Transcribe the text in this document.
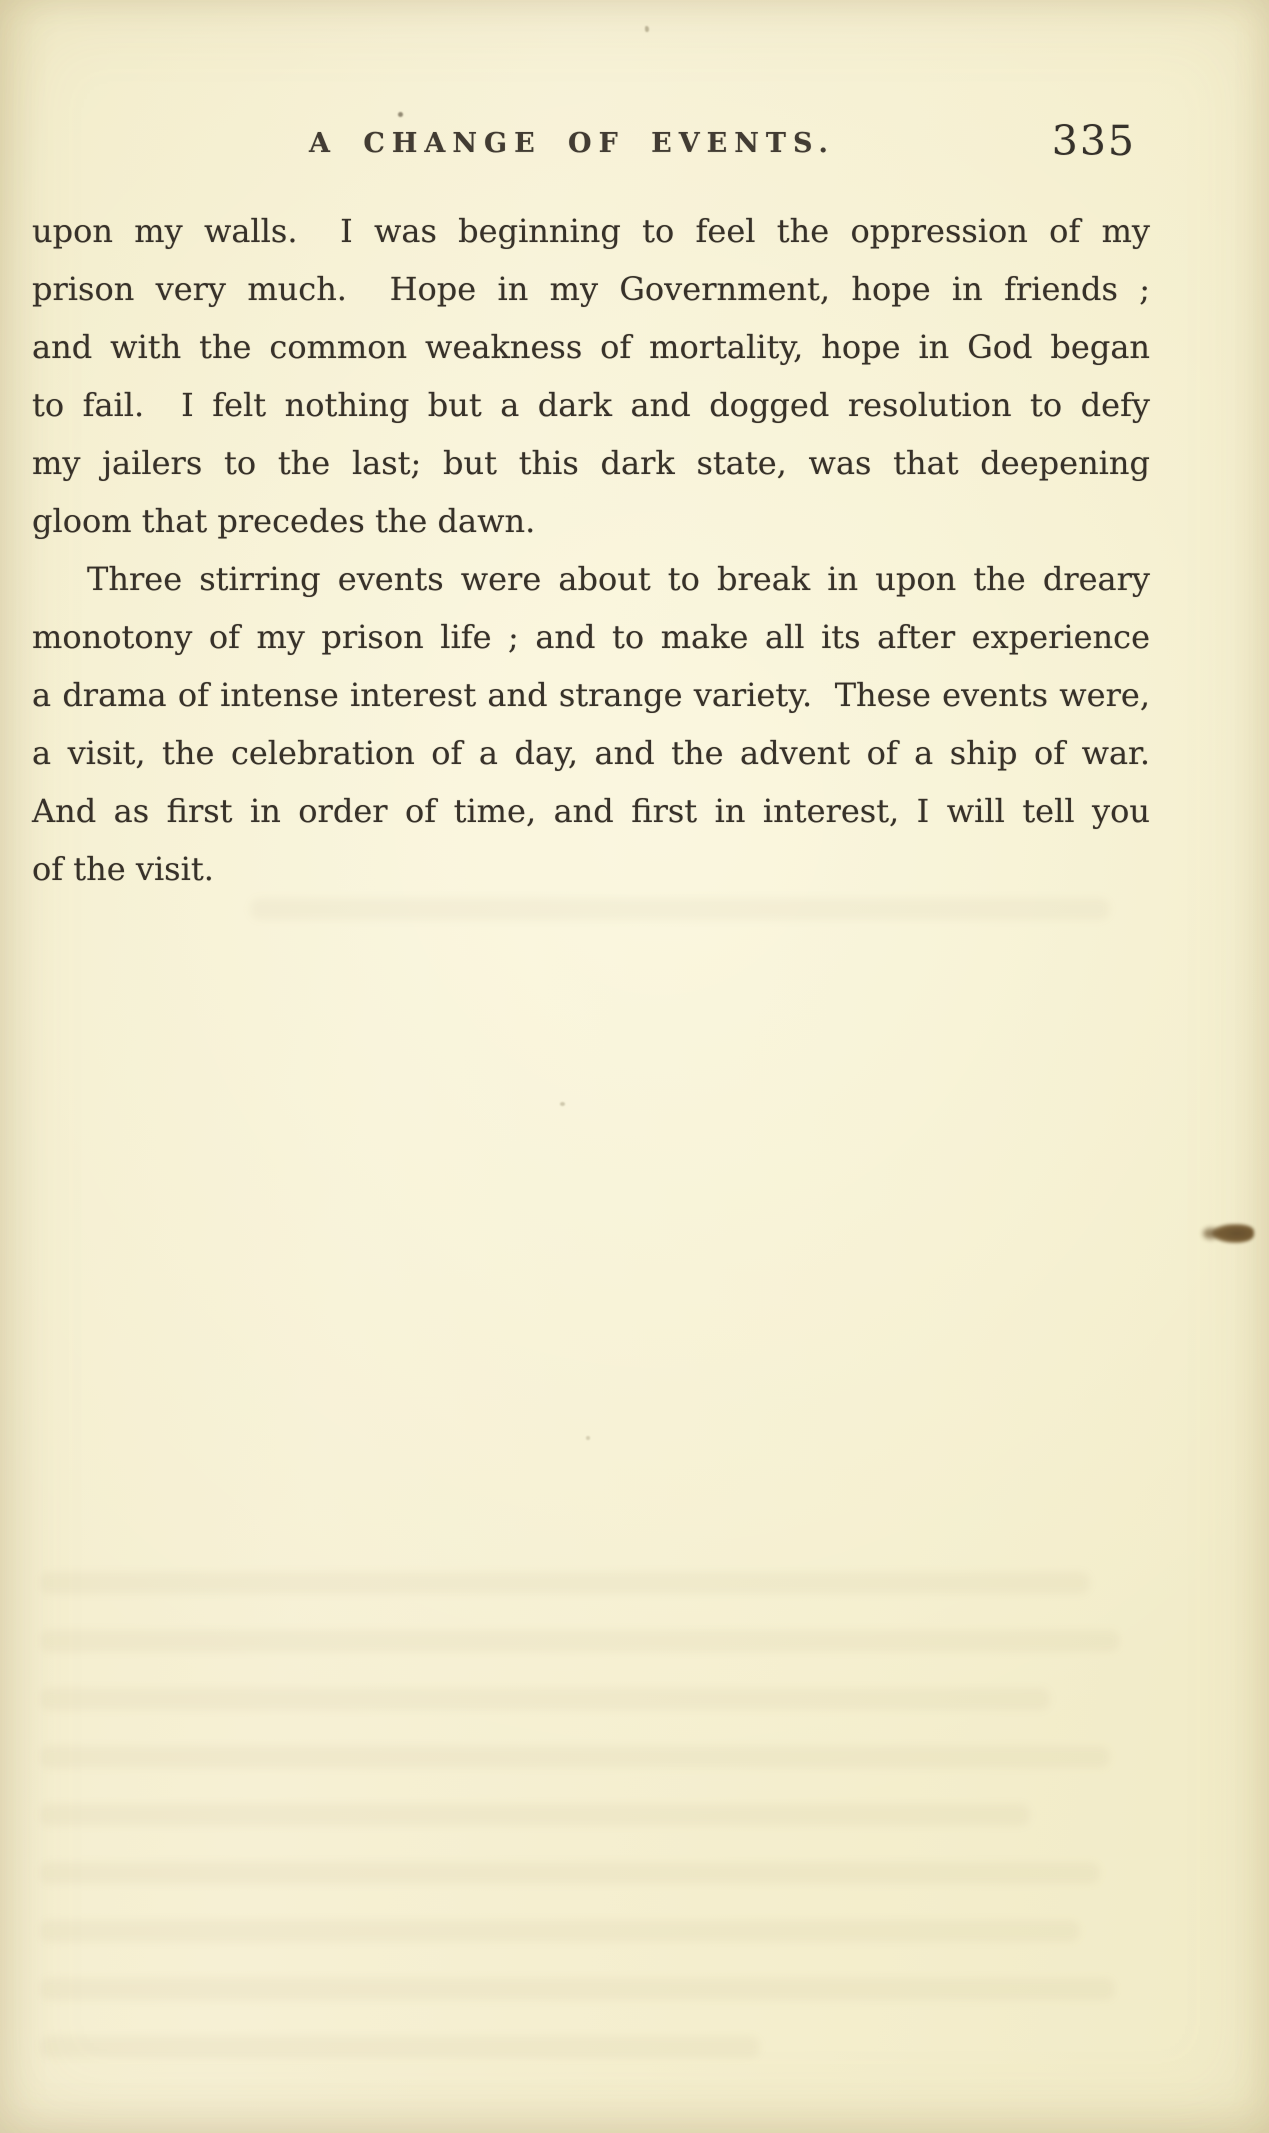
A CHANGE OF EVENTS.	335
upon my walls.  I was beginning to feel the oppression of my
prison very much.  Hope in my Government, hope in friends ;
and with the common weakness of mortality, hope in God began
to fail.  I felt nothing but a dark and dogged resolution to defy
my jailers to the last; but this dark state, was that deepening
gloom that precedes the dawn.
Three stirring events were about to break in upon the dreary
monotony of my prison life ; and to make all its after experience
a drama of intense interest and strange variety.  These events were,
a visit, the celebration of a day, and the advent of a ship of war.
And as first in order of time, and first in interest, I will tell you
of the visit.
